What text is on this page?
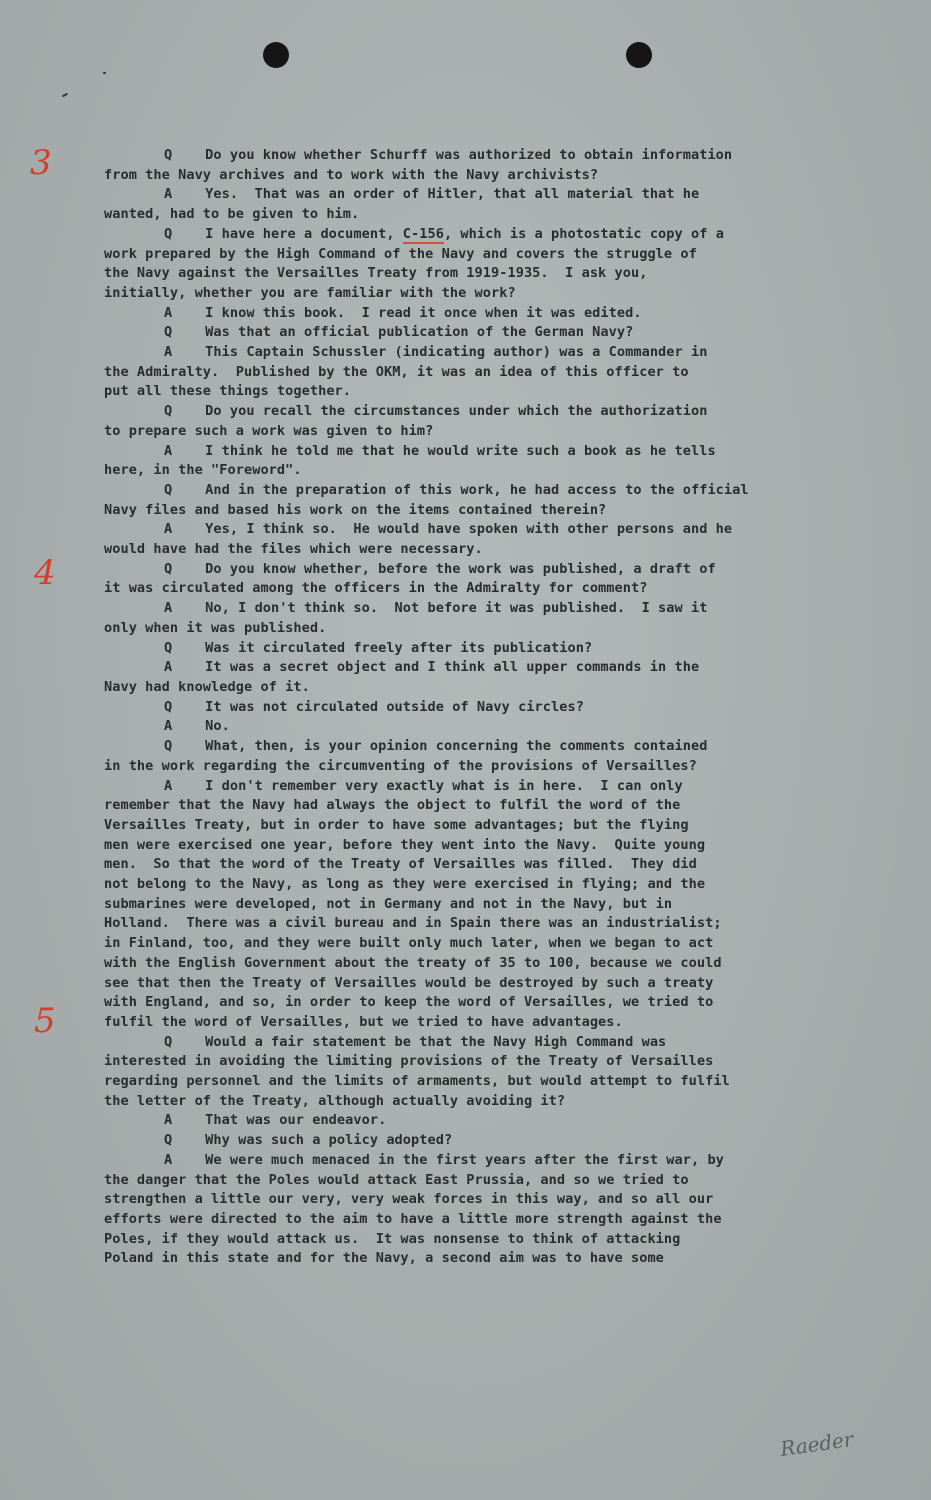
3
4
5
Q    Do you know whether Schurff was authorized to obtain information
from the Navy archives and to work with the Navy archivists?
A    Yes.  That was an order of Hitler, that all material that he
wanted, had to be given to him.
Q    I have here a document, C-156, which is a photostatic copy of a
work prepared by the High Command of the Navy and covers the struggle of
the Navy against the Versailles Treaty from 1919-1935.  I ask you,
initially, whether you are familiar with the work?
A    I know this book.  I read it once when it was edited.
Q    Was that an official publication of the German Navy?
A    This Captain Schussler (indicating author) was a Commander in
the Admiralty.  Published by the OKM, it was an idea of this officer to
put all these things together.
Q    Do you recall the circumstances under which the authorization
to prepare such a work was given to him?
A    I think he told me that he would write such a book as he tells
here, in the "Foreword".
Q    And in the preparation of this work, he had access to the official
Navy files and based his work on the items contained therein?
A    Yes, I think so.  He would have spoken with other persons and he
would have had the files which were necessary.
Q    Do you know whether, before the work was published, a draft of
it was circulated among the officers in the Admiralty for comment?
A    No, I don't think so.  Not before it was published.  I saw it
only when it was published.
Q    Was it circulated freely after its publication?
A    It was a secret object and I think all upper commands in the
Navy had knowledge of it.
Q    It was not circulated outside of Navy circles?
A    No.
Q    What, then, is your opinion concerning the comments contained
in the work regarding the circumventing of the provisions of Versailles?
A    I don't remember very exactly what is in here.  I can only
remember that the Navy had always the object to fulfil the word of the
Versailles Treaty, but in order to have some advantages; but the flying
men were exercised one year, before they went into the Navy.  Quite young
men.  So that the word of the Treaty of Versailles was filled.  They did
not belong to the Navy, as long as they were exercised in flying; and the
submarines were developed, not in Germany and not in the Navy, but in
Holland.  There was a civil bureau and in Spain there was an industrialist;
in Finland, too, and they were built only much later, when we began to act
with the English Government about the treaty of 35 to 100, because we could
see that then the Treaty of Versailles would be destroyed by such a treaty
with England, and so, in order to keep the word of Versailles, we tried to
fulfil the word of Versailles, but we tried to have advantages.
Q    Would a fair statement be that the Navy High Command was
interested in avoiding the limiting provisions of the Treaty of Versailles
regarding personnel and the limits of armaments, but would attempt to fulfil
the letter of the Treaty, although actually avoiding it?
A    That was our endeavor.
Q    Why was such a policy adopted?
A    We were much menaced in the first years after the first war, by
the danger that the Poles would attack East Prussia, and so we tried to
strengthen a little our very, very weak forces in this way, and so all our
efforts were directed to the aim to have a little more strength against the
Poles, if they would attack us.  It was nonsense to think of attacking
Poland in this state and for the Navy, a second aim was to have some
Raeder
